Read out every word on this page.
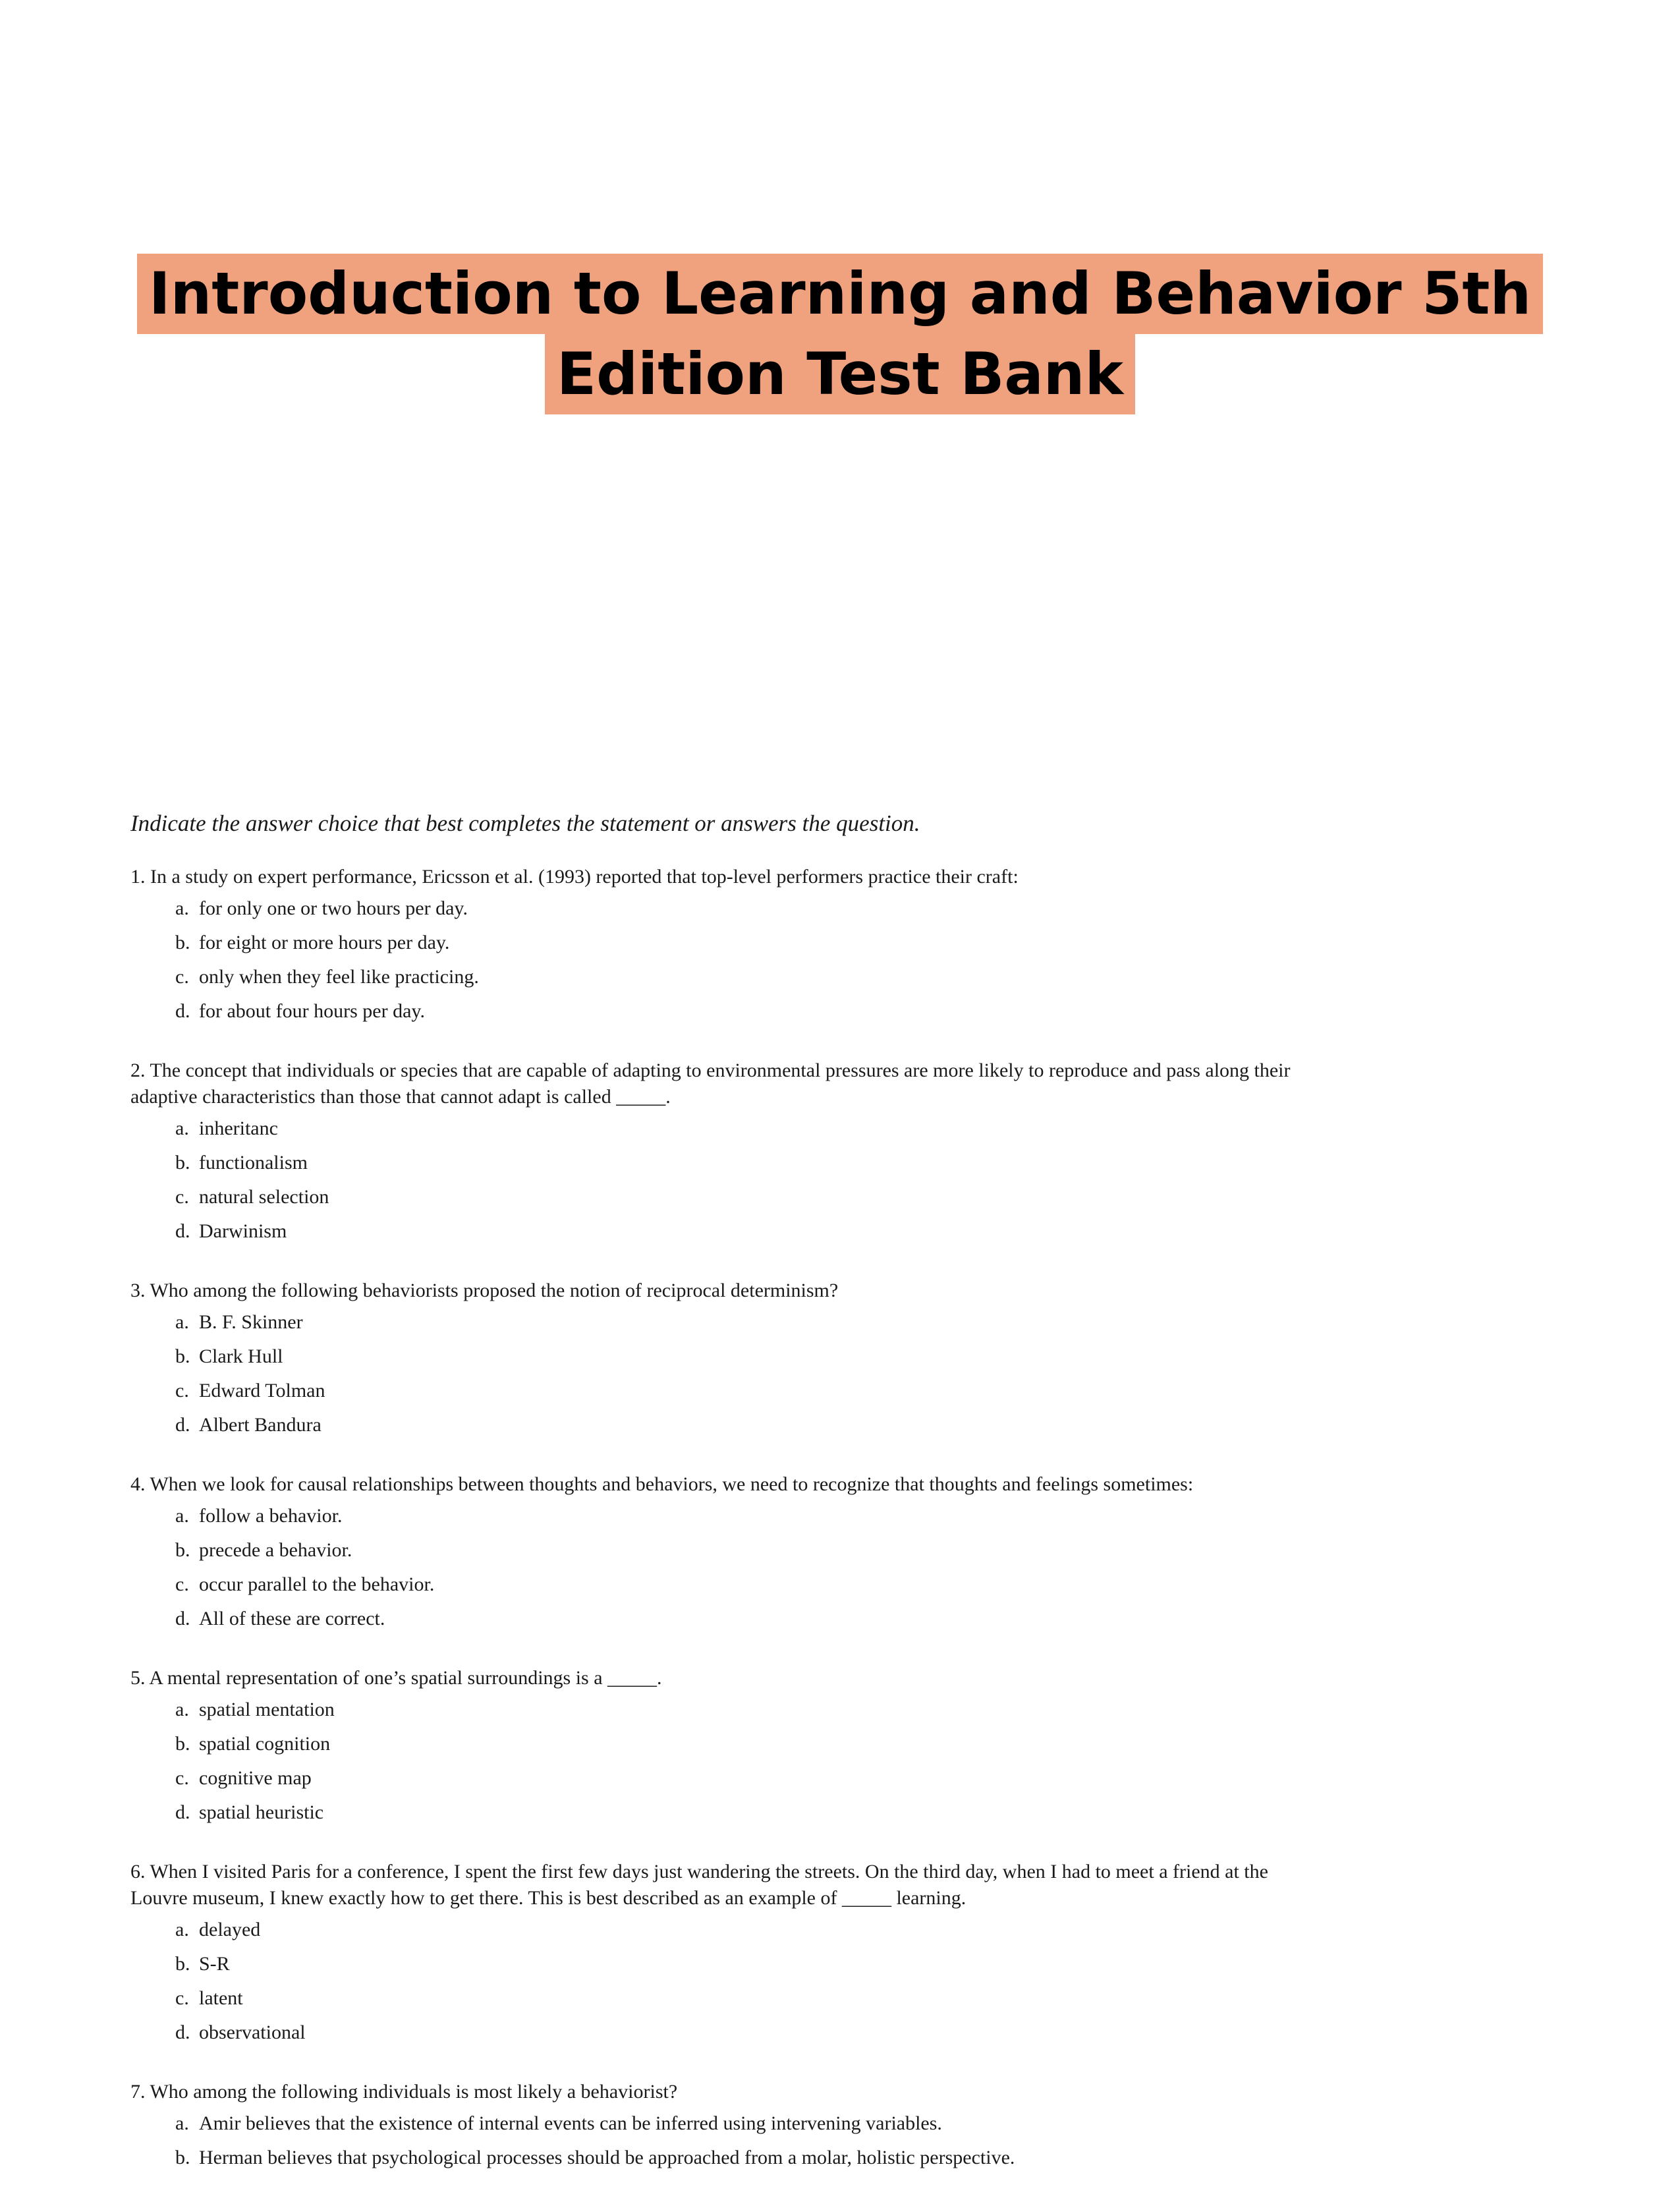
Introduction to Learning and Behavior 5th
Edition Test Bank

Indicate the answer choice that best completes the statement or answers the question.

1. In a study on expert performance, Ericsson et al. (1993) reported that top-level performers practice their craft:

a. for only one or two hours per day.
b. for eight or more hours per day.
c. only when they feel like practicing.
d. for about four hours per day.

2. The concept that individuals or species that are capable of adapting to environmental pressures are more likely to reproduce and pass along their adaptive characteristics than those that cannot adapt is called _____.

a. inheritanc
b. functionalism
c. natural selection
d. Darwinism

3. Who among the following behaviorists proposed the notion of reciprocal determinism?

a. B. F. Skinner
b. Clark Hull
c. Edward Tolman
d. Albert Bandura

4. When we look for causal relationships between thoughts and behaviors, we need to recognize that thoughts and feelings sometimes:

a. follow a behavior.
b. precede a behavior.
c. occur parallel to the behavior.
d. All of these are correct.

5. A mental representation of one’s spatial surroundings is a _____.

a. spatial mentation
b. spatial cognition
c. cognitive map
d. spatial heuristic

6. When I visited Paris for a conference, I spent the first few days just wandering the streets. On the third day, when I had to meet a friend at the Louvre museum, I knew exactly how to get there. This is best described as an example of _____ learning.

a. delayed
b. S-R
c. latent
d. observational

7. Who among the following individuals is most likely a behaviorist?

a. Amir believes that the existence of internal events can be inferred using intervening variables.
b. Herman believes that psychological processes should be approached from a molar, holistic perspective.
